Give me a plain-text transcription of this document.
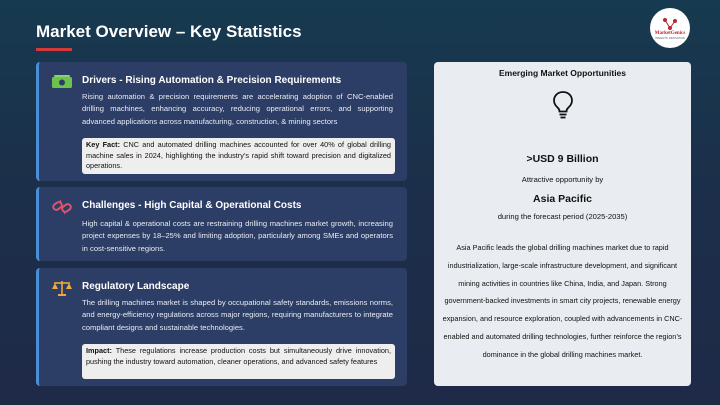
Market Overview – Key Statistics	MarketGenics
INSIGHTS. INNOVATION
Drivers - Rising Automation & Precision Requirements
Rising automation & precision requirements are accelerating adoption of CNC-enabled drilling machines, enhancing accuracy, reducing operational errors, and supporting advanced applications across manufacturing, construction, & mining sectors
Key Fact: CNC and automated drilling machines accounted for over 40% of global drilling machine sales in 2024, highlighting the industry’s rapid shift toward precision and digitalized operations.
Challenges - High Capital & Operational Costs
High capital & operational costs are restraining drilling machines market growth, increasing project expenses by 18–25% and limiting adoption, particularly among SMEs and operators in cost-sensitive regions.
Regulatory Landscape
The drilling machines market is shaped by occupational safety standards, emissions norms, and energy-efficiency regulations across major regions, requiring manufacturers to integrate compliant designs and sustainable technologies.
Impact: These regulations increase production costs but simultaneously drive innovation, pushing the industry toward automation, cleaner operations, and advanced safety features
Emerging Market Opportunities
>USD 9 Billion
Attractive opportunity by
Asia Pacific
during the forecast period (2025-2035)
Asia Pacific leads the global drilling machines market due to rapid industrialization, large-scale infrastructure development, and significant mining activities in countries like China, India, and Japan. Strong government-backed investments in smart city projects, renewable energy expansion, and resource exploration, coupled with advancements in CNC-enabled and automated drilling technologies, further reinforce the region’s dominance in the global drilling machines market.
